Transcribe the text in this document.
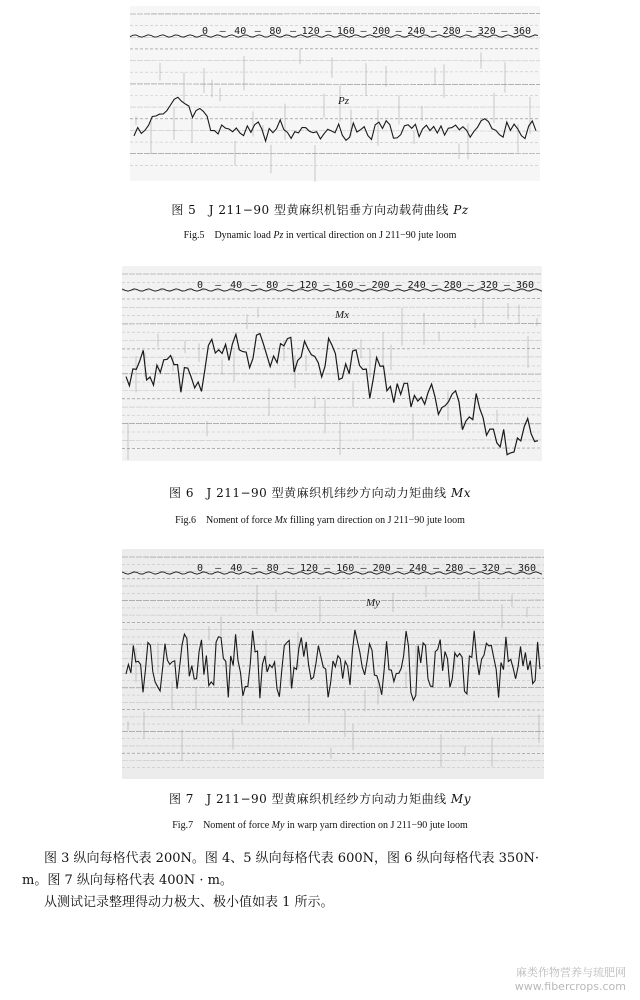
0 – 40 – 80 – 120 – 160 – 200 – 240 – 280 – 320 – 360
Pz
图 5　J 211−90 型黄麻织机铝垂方向动载荷曲线 Pz
Fig.5　Dynamic load Pz in vertical direction on J 211−90 jute loom
0 – 40 – 80 – 120 – 160 – 200 – 240 – 280 – 320 – 360
Mx
图 6　J 211−90 型黄麻织机纬纱方向动力矩曲线 Mx
Fig.6　Noment of force Mx filling yarn direction on J 211−90 jute loom
0 – 40 – 80 – 120 – 160 – 200 – 240 – 280 – 320 – 360
My
图 7　J 211−90 型黄麻织机经纱方向动力矩曲线 My
Fig.7　Noment of force My in warp yarn direction on J 211−90 jute loom
图 3 纵向每格代表 200N。图 4、5 纵向每格代表 600N，图 6 纵向每格代表 350N·
m。图 7 纵向每格代表 400N · m。
从测试记录整理得动力极大、极小值如表 1 所示。
麻类作物营养与琉肥网
www.fibercrops.com
